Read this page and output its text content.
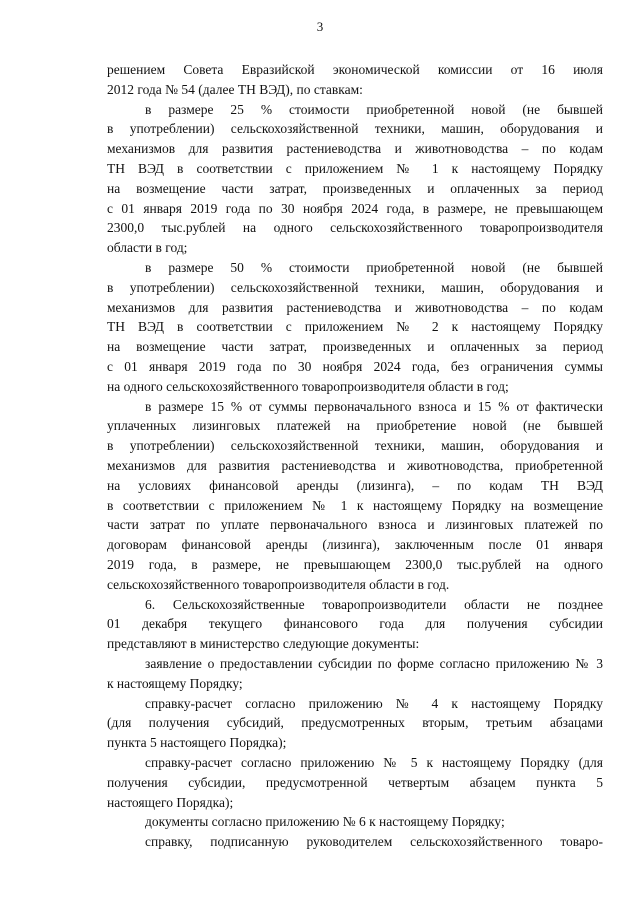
3
решением Совета Евразийской экономической комиссии от 16 июля
2012 года № 54 (далее ТН ВЭД), по ставкам:
в размере 25 % стоимости приобретенной новой (не бывшей
в употреблении) сельскохозяйственной техники, машин, оборудования и
механизмов для развития растениеводства и животноводства – по кодам
ТН ВЭД в соответствии с приложением № 1 к настоящему Порядку
на возмещение части затрат, произведенных и оплаченных за период
с 01 января 2019 года по 30 ноября 2024 года, в размере, не превышающем
2300,0 тыс.рублей на одного сельскохозяйственного товаропроизводителя
области в год;
в размере 50 % стоимости приобретенной новой (не бывшей
в употреблении) сельскохозяйственной техники, машин, оборудования и
механизмов для развития растениеводства и животноводства – по кодам
ТН ВЭД в соответствии с приложением № 2 к настоящему Порядку
на возмещение части затрат, произведенных и оплаченных за период
с 01 января 2019 года по 30 ноября 2024 года, без ограничения суммы
на одного сельскохозяйственного товаропроизводителя области в год;
в размере 15 % от суммы первоначального взноса и 15 % от фактически
уплаченных лизинговых платежей на приобретение новой (не бывшей
в употреблении) сельскохозяйственной техники, машин, оборудования и
механизмов для развития растениеводства и животноводства, приобретенной
на условиях финансовой аренды (лизинга), – по кодам ТН ВЭД
в соответствии с приложением № 1 к настоящему Порядку на возмещение
части затрат по уплате первоначального взноса и лизинговых платежей по
договорам финансовой аренды (лизинга), заключенным после 01 января
2019 года, в размере, не превышающем 2300,0 тыс.рублей на одного
сельскохозяйственного товаропроизводителя области в год.
6. Сельскохозяйственные товаропроизводители области не позднее
01 декабря текущего финансового года для получения субсидии
представляют в министерство следующие документы:
заявление о предоставлении субсидии по форме согласно приложению № 3
к настоящему Порядку;
справку-расчет согласно приложению № 4 к настоящему Порядку
(для получения субсидий, предусмотренных вторым, третьим абзацами
пункта 5 настоящего Порядка);
справку-расчет согласно приложению № 5 к настоящему Порядку (для
получения субсидии, предусмотренной четвертым абзацем пункта 5
настоящего Порядка);
документы согласно приложению № 6 к настоящему Порядку;
справку, подписанную руководителем сельскохозяйственного товаро-
